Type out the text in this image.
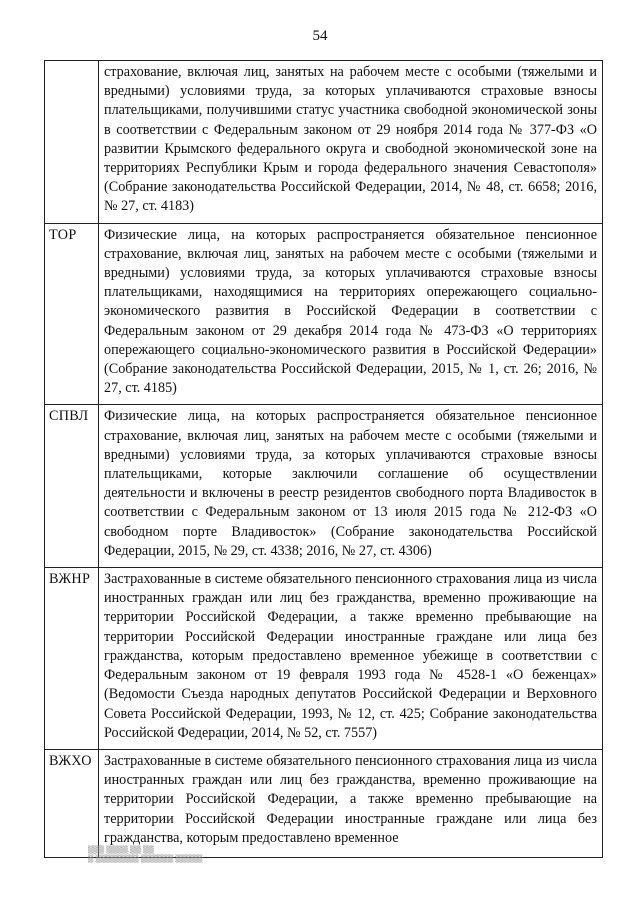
54
	страхование, включая лиц, занятых на рабочем месте с особыми (тяжелыми и вредными) условиями труда, за которых уплачиваются страховые взносы плательщиками, получившими статус участника свободной экономической зоны в соответствии с Федеральным законом от 29 ноября 2014 года № 377-ФЗ «О развитии Крымского федерального округа и свободной экономической зоне на территориях Республики Крым и города федерального значения Севастополя» (Собрание законодательства Российской Федерации, 2014, № 48, ст. 6658; 2016, № 27, ст. 4183)
ТОР	Физические лица, на которых распространяется обязательное пенсионное страхование, включая лиц, занятых на рабочем месте с особыми (тяжелыми и вредными) условиями труда, за которых уплачиваются страховые взносы плательщиками, находящимися на территориях опережающего социально-экономического развития в Российской Федерации в соответствии с Федеральным законом от 29 декабря 2014 года № 473-ФЗ «О территориях опережающего социально-экономического развития в Российской Федерации» (Собрание законодательства Российской Федерации, 2015, № 1, ст. 26; 2016, № 27, ст. 4185)
СПВЛ	Физические лица, на которых распространяется обязательное пенсионное страхование, включая лиц, занятых на рабочем месте с особыми (тяжелыми и вредными) условиями труда, за которых уплачиваются страховые взносы плательщиками, которые заключили соглашение об осуществлении деятельности и включены в реестр резидентов свободного порта Владивосток в соответствии с Федеральным законом от 13 июля 2015 года № 212-ФЗ «О свободном порте Владивосток» (Собрание законодательства Российской Федерации, 2015, № 29, ст. 4338; 2016, № 27, ст. 4306)
ВЖНР	Застрахованные в системе обязательного пенсионного страхования лица из числа иностранных граждан или лиц без гражданства, временно проживающие на территории Российской Федерации, а также временно пребывающие на территории Российской Федерации иностранные граждане или лица без гражданства, которым предоставлено временное убежище в соответствии с Федеральным законом от 19 февраля 1993 года № 4528-1 «О беженцах» (Ведомости Съезда народных депутатов Российской Федерации и Верховного Совета Российской Федерации, 1993, № 12, ст. 425; Собрание законодательства Российской Федерации, 2014, № 52, ст. 7557)
ВЖХО	Застрахованные в системе обязательного пенсионного страхования лица из числа иностранных граждан или лиц без гражданства, временно проживающие на территории Российской Федерации, а также временно пребывающие на территории Российской Федерации иностранные граждане или лица без гражданства, которым предоставлено временное
▒▒▒ ▒▒▒▒.▒▒ ▒▒
▒ ▒▒▒▒▒▒▒▒ ▒▒▒▒▒▒ ▒▒▒▒▒
